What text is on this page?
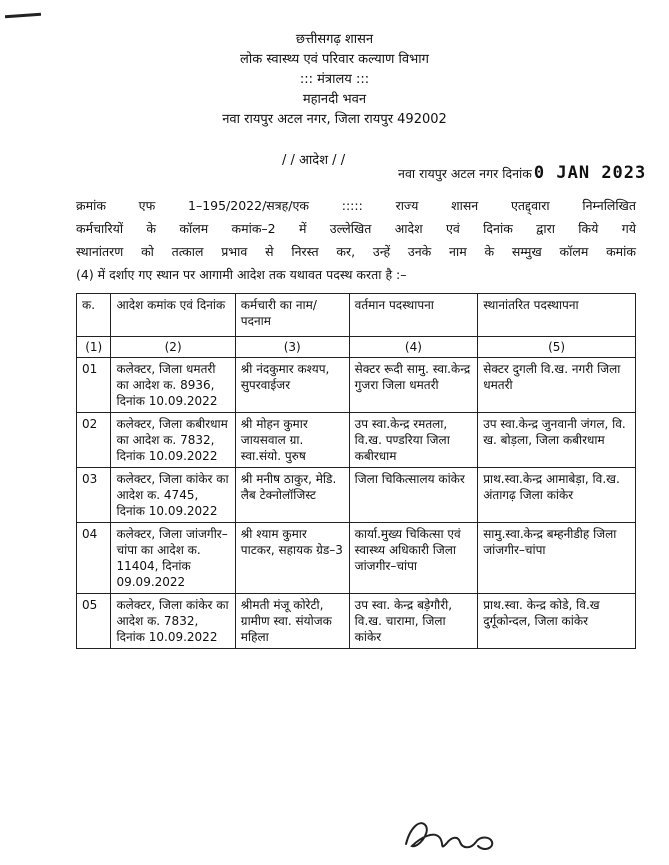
छत्तीसगढ़ शासन
लोक स्वास्थ्य एवं परिवार कल्याण विभाग
::: मंत्रालय :::
महानदी भवन
नवा रायपुर अटल नगर, जिला रायपुर 492002
/ / आदेश / /
नवा रायपुर अटल नगर दिनांक 0 JAN 2023
क्रमांक एफ 1–195/2022/सत्रह/एक ::::: राज्य शासन एतद्द्वारा निम्नलिखित
कर्मचारियों के कॉलम कमांक–2 में उल्लेखित आदेश एवं दिनांक द्वारा किये गये
स्थानांतरण को तत्काल प्रभाव से निरस्त कर, उन्हें उनके नाम के सम्मुख कॉलम कमांक
(4) में दर्शाए गए स्थान पर आगामी आदेश तक यथावत पदस्थ करता है :–
क.	आदेश कमांक एवं दिनांक	कर्मचारी का नाम/पदनाम	वर्तमान पदस्थापना	स्थानांतरित पदस्थापना
(1)	(2)	(3)	(4)	(5)
01	कलेक्टर, जिला धमतरी का आदेश क. 8936, दिनांक 10.09.2022	श्री नंदकुमार कश्यप, सुपरवाईजर	सेक्टर रूदी सामु. स्वा.केन्द्र गुजरा जिला धमतरी	सेक्टर दुगली वि.ख. नगरी जिला धमतरी
02	कलेक्टर, जिला कबीरधाम का आदेश क. 7832, दिनांक 10.09.2022	श्री मोहन कुमार जायसवाल ग्रा. स्वा.संयो. पुरुष	उप स्वा.केन्द्र रमतला, वि.ख. पण्डरिया जिला कबीरधाम	उप स्वा.केन्द्र जुनवानी जंगल, वि. ख. बोड़ला, जिला कबीरधाम
03	कलेक्टर, जिला कांकेर का आदेश क. 4745, दिनांक 10.09.2022	श्री मनीष ठाकुर, मेडि. लैब टेक्नोलॉजिस्ट	जिला चिकित्सालय कांकेर	प्राथ.स्वा.केन्द्र आमाबेड़ा, वि.ख. अंतागढ़ जिला कांकेर
04	कलेक्टर, जिला जांजगीर–चांपा का आदेश क. 11404, दिनांक 09.09.2022	श्री श्याम कुमार पाटकर, सहायक ग्रेड–3	कार्या.मुख्य चिकित्सा एवं स्वास्थ्य अधिकारी जिला जांजगीर–चांपा	सामु.स्वा.केन्द्र बम्हनीडीह जिला जांजगीर–चांपा
05	कलेक्टर, जिला कांकेर का आदेश क. 7832, दिनांक 10.09.2022	श्रीमती मंजू कोरेटी, ग्रामीण स्वा. संयोजक महिला	उप स्वा. केन्द्र बड़ेगौरी, वि.ख. चारामा, जिला कांकेर	प्राथ.स्वा. केन्द्र कोडे, वि.ख दुर्गूकोन्दल, जिला कांकेर
